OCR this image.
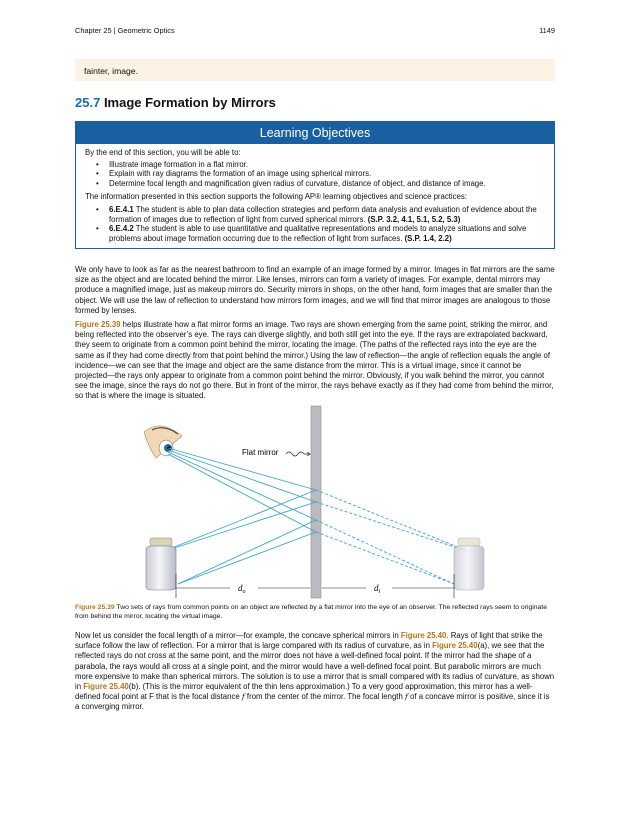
Chapter 25 | Geometric Optics	1149
fainter, image.
25.7 Image Formation by Mirrors
Learning Objectives
By the end of this section, you will be able to:
• Illustrate image formation in a flat mirror.
• Explain with ray diagrams the formation of an image using spherical mirrors.
• Determine focal length and magnification given radius of curvature, distance of object, and distance of image.
The information presented in this section supports the following AP® learning objectives and science practices:
• 6.E.4.1 The student is able to plan data collection strategies and perform data analysis and evaluation of evidence about the formation of images due to reflection of light from curved spherical mirrors. (S.P. 3.2, 4.1, 5.1, 5.2, 5.3)
• 6.E.4.2 The student is able to use quantitative and qualitative representations and models to analyze situations and solve problems about image formation occurring due to the reflection of light from surfaces. (S.P. 1.4, 2.2)
We only have to look as far as the nearest bathroom to find an example of an image formed by a mirror. Images in flat mirrors are the same size as the object and are located behind the mirror. Like lenses, mirrors can form a variety of images. For example, dental mirrors may produce a magnified image, just as makeup mirrors do. Security mirrors in shops, on the other hand, form images that are smaller than the object. We will use the law of reflection to understand how mirrors form images, and we will find that mirror images are analogous to those formed by lenses.
Figure 25.39 helps illustrate how a flat mirror forms an image. Two rays are shown emerging from the same point, striking the mirror, and being reflected into the observer’s eye. The rays can diverge slightly, and both still get into the eye. If the rays are extrapolated backward, they seem to originate from a common point behind the mirror, locating the image. (The paths of the reflected rays into the eye are the same as if they had come directly from that point behind the mirror.) Using the law of reflection—the angle of reflection equals the angle of incidence—we can see that the image and object are the same distance from the mirror. This is a virtual image, since it cannot be projected—the rays only appear to originate from a common point behind the mirror. Obviously, if you walk behind the mirror, you cannot see the image, since the rays do not go there. But in front of the mirror, the rays behave exactly as if they had come from behind the mirror, so that is where the image is situated.
Flat mirror
$d_o$	$d_i$
Figure 25.39 Two sets of rays from common points on an object are reflected by a flat mirror into the eye of an observer. The reflected rays seem to originate from behind the mirror, locating the virtual image.
Now let us consider the focal length of a mirror—for example, the concave spherical mirrors in Figure 25.40. Rays of light that strike the surface follow the law of reflection. For a mirror that is large compared with its radius of curvature, as in Figure 25.40(a), we see that the reflected rays do not cross at the same point, and the mirror does not have a well-defined focal point. If the mirror had the shape of a parabola, the rays would all cross at a single point, and the mirror would have a well-defined focal point. But parabolic mirrors are much more expensive to make than spherical mirrors. The solution is to use a mirror that is small compared with its radius of curvature, as shown in Figure 25.40(b). (This is the mirror equivalent of the thin lens approximation.) To a very good approximation, this mirror has a well-defined focal point at F that is the focal distance f from the center of the mirror. The focal length f of a concave mirror is positive, since it is a converging mirror.
